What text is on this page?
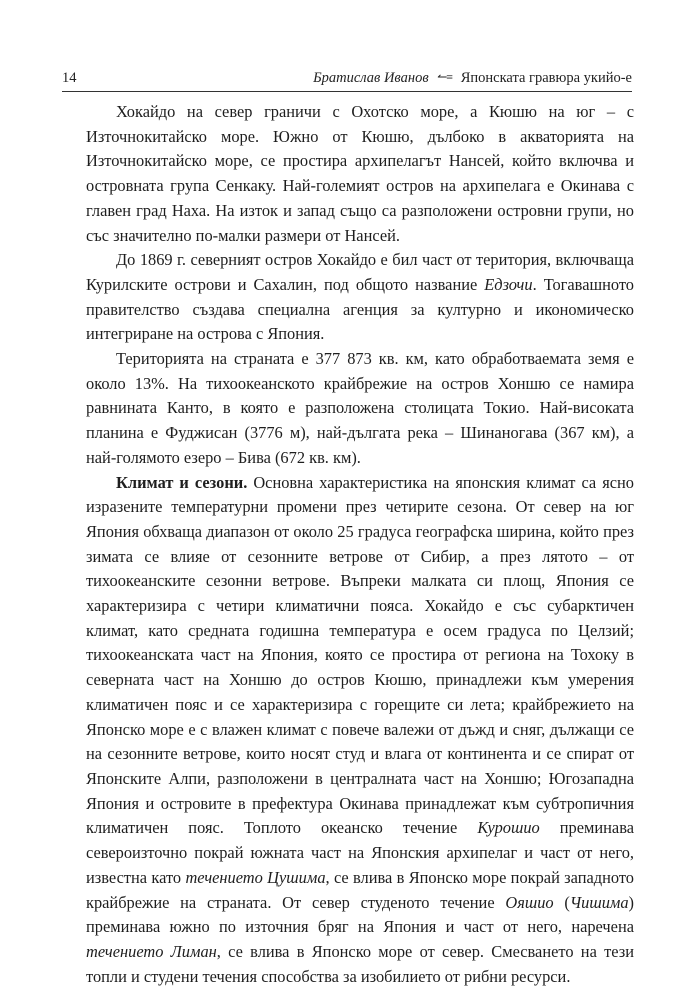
14	Братислав Иванов ↼≡ Японската гравюра укийо-е

Хокайдо на север граничи с Охотско море, а Кюшю на юг – с Източнокитайско море. Южно от Кюшю, дълбоко в акваторията на Източнокитайско море, се простира архипелагът Нансей, който включва и островната група Сенкаку. Най-големият остров на архипелага е Окинава с главен град Наха. На изток и запад също са разположени островни групи, но със значително по-малки размери от Нансей.

До 1869 г. северният остров Хокайдо е бил част от територия, включваща Курилските острови и Сахалин, под общото название Едзочи. Тогавашното правителство създава специална агенция за културно и икономическо интегриране на острова с Япония.

Територията на страната е 377 873 кв. км, като обработваемата земя е около 13%. На тихоокеанското крайбрежие на остров Хоншю се намира равнината Канто, в която е разположена столицата Токио. Най-високата планина е Фуджисан (3776 м), най-дългата река – Шинаногава (367 км), а най-голямото езеро – Бива (672 кв. км).

Климат и сезони. Основна характеристика на японския климат са ясно изразените температурни промени през четирите сезона. От север на юг Япония обхваща диапазон от около 25 градуса географска ширина, който през зимата се влияе от сезонните ветрове от Сибир, а през лятото – от тихоокеанските сезонни ветрове. Въпреки малката си площ, Япония се характеризира с четири климатични пояса. Хокайдо е със субарктичен климат, като средната годишна температура е осем градуса по Целзий; тихоокеанската част на Япония, която се простира от региона на Тохоку в северната част на Хоншю до остров Кюшю, принадлежи към умерения климатичен пояс и се характеризира с горещите си лета; крайбрежието на Японско море е с влажен климат с повече валежи от дъжд и сняг, дължащи се на сезонните ветрове, които носят студ и влага от континента и се спират от Японските Алпи, разположени в централната част на Хоншю; Югозападна Япония и островите в префектура Окинава принадлежат към субтропичния климатичен пояс. Топлото океанско течение Курошио преминава североизточно покрай южната част на Японския архипелаг и част от него, известна като течението Цушима, се влива в Японско море покрай западното крайбрежие на страната. От север студеното течение Ояшио (Чишима) преминава южно по източния бряг на Япония и част от него, наречена течението Лиман, се влива в Японско море от север. Смесването на тези топли и студени течения способства за изобилието от рибни ресурси.
